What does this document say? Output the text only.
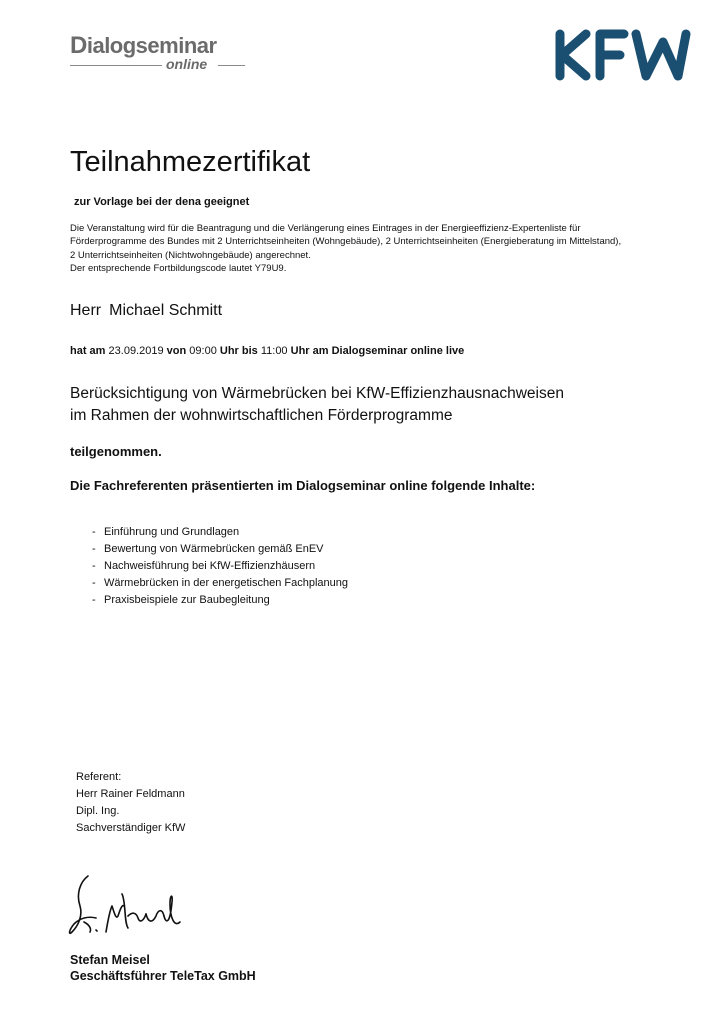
Dialogseminar
online
Teilnahmezertifikat
zur Vorlage bei der dena geeignet
Die Veranstaltung wird für die Beantragung und die Verlängerung eines Eintrages in der Energieeffizienz-Expertenliste für
Förderprogramme des Bundes mit 2 Unterrichtseinheiten (Wohngebäude), 2 Unterrichtseinheiten (Energieberatung im Mittelstand),
2 Unterrichtseinheiten (Nichtwohngebäude) angerechnet.
Der entsprechende Fortbildungscode lautet Y79U9.
Herr Michael Schmitt
hat am 23.09.2019 von 09:00 Uhr bis 11:00 Uhr am Dialogseminar online live
Berücksichtigung von Wärmebrücken bei KfW-Effizienzhausnachweisen
im Rahmen der wohnwirtschaftlichen Förderprogramme
teilgenommen.
Die Fachreferenten präsentierten im Dialogseminar online folgende Inhalte:
- Einführung und Grundlagen
- Bewertung von Wärmebrücken gemäß EnEV
- Nachweisführung bei KfW-Effizienzhäusern
- Wärmebrücken in der energetischen Fachplanung
- Praxisbeispiele zur Baubegleitung
Referent:
Herr Rainer Feldmann
Dipl. Ing.
Sachverständiger KfW
Stefan Meisel
Geschäftsführer TeleTax GmbH
